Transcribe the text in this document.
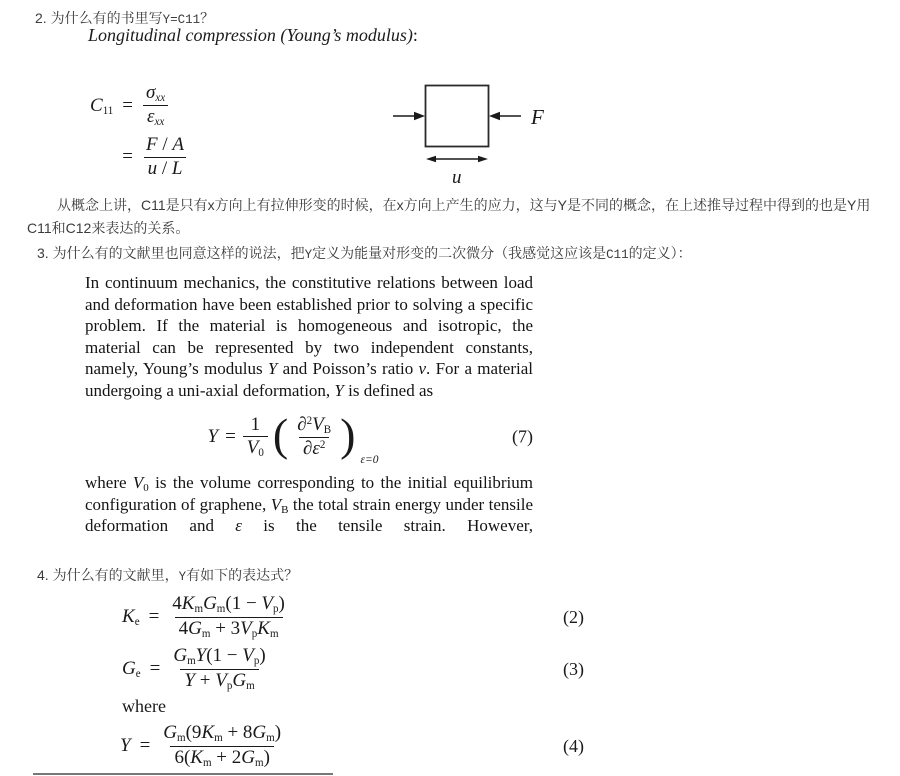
2. 为什么有的书里写Y=C11？
Longitudinal compression (Young’s modulus):
$C11 = \frac{\text{σxx}}{\text{εxx}}$
= $\frac{F / A}{u / L}$
F
u
从概念上讲，C11是只有x方向上有拉伸形变的时候，在x方向上产生的应力，这与Y是不同的概念，在上述推导过程中得到的也是Y用C11和C12来表达的关系。
3. 为什么有的文献里也同意这样的说法，把Y定义为能量对形变的二次微分（我感觉这应该是C11的定义）：
In continuum mechanics, the constitutive relations between load and deformation have been established prior to solving a specific problem. If the material is homogeneous and isotropic, the material can be represented by two independent constants, namely, Young’s modulus Y and Poisson’s ratio ν. For a material undergoing a uni-axial deformation, Y is defined as
$Y = \frac{1}{V0}$ ( $\frac{\partial^2VB}{\partial\varepsilon^2}$ )
ε=0
(7)
where $V_0$ is the volume corresponding to the initial equilibrium configuration of graphene, $V_B$ the total strain energy under tensile deformation and ε is the tensile strain. However,
4. 为什么有的文献里，Y有如下的表达式？
$Ke = \frac{\text{4KmGm(1 − Vp)}}{\text{4Gm + 3VpKm}}$	(2)
$Ge = \frac{\text{GmY(1 − Vp)}}{\text{Y + VpGm}}$	(3)
where
$Y = \frac{Gm(9Km + 8Gm)}{6(Km + 2Gm)}$	(4)
